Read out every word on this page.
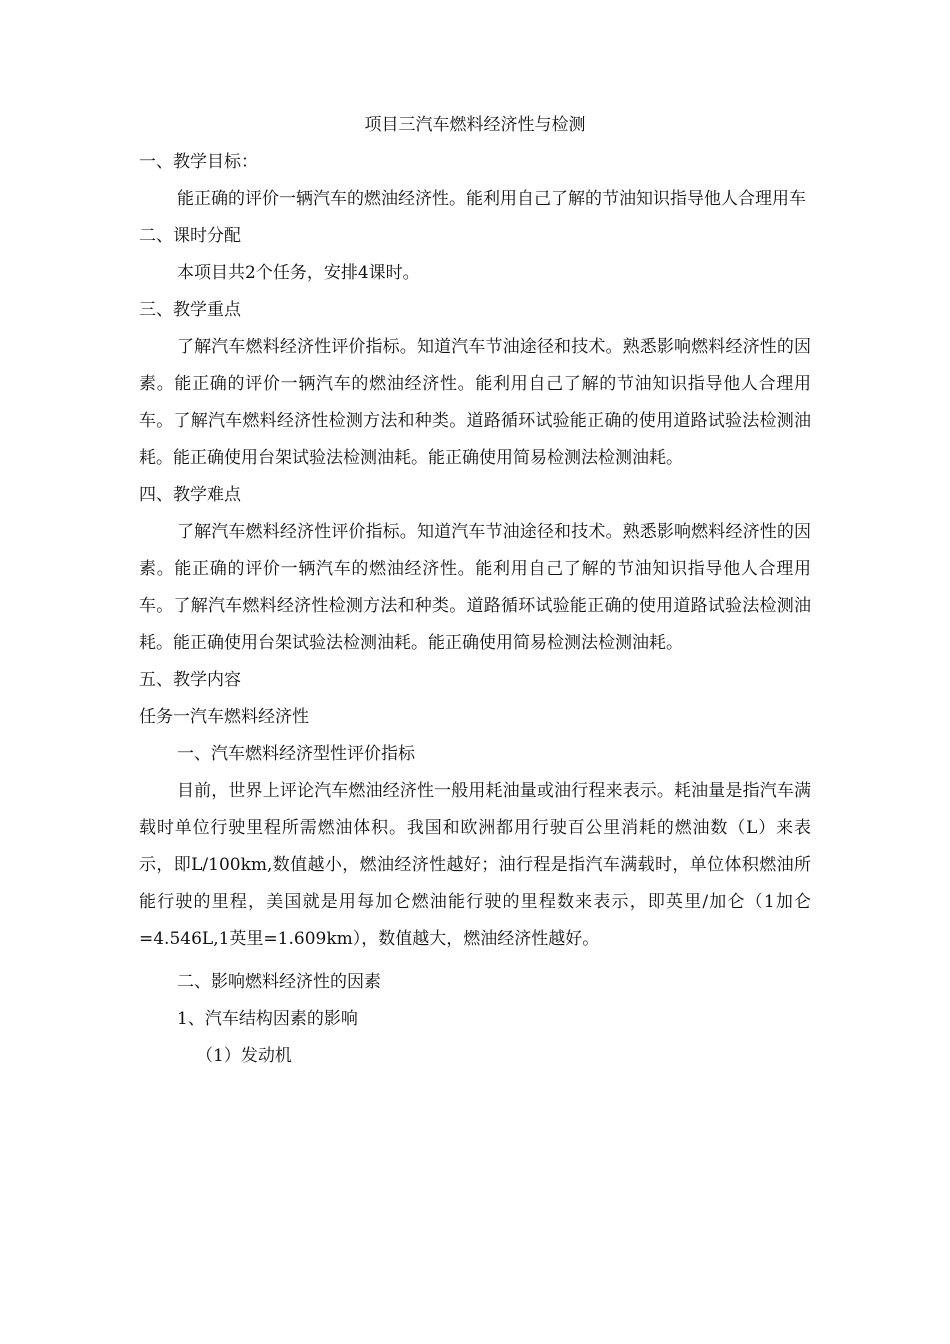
项目三汽车燃料经济性与检测

一、教学目标：

能正确的评价一辆汽车的燃油经济性。能利用自己了解的节油知识指导他人合理用车

二、课时分配

本项目共2个任务，安排4课时。

三、教学重点

了解汽车燃料经济性评价指标。知道汽车节油途径和技术。熟悉影响燃料经济性的因素。能正确的评价一辆汽车的燃油经济性。能利用自己了解的节油知识指导他人合理用车。了解汽车燃料经济性检测方法和种类。道路循环试验能正确的使用道路试验法检测油耗。能正确使用台架试验法检测油耗。能正确使用简易检测法检测油耗。

四、教学难点

了解汽车燃料经济性评价指标。知道汽车节油途径和技术。熟悉影响燃料经济性的因素。能正确的评价一辆汽车的燃油经济性。能利用自己了解的节油知识指导他人合理用车。了解汽车燃料经济性检测方法和种类。道路循环试验能正确的使用道路试验法检测油耗。能正确使用台架试验法检测油耗。能正确使用简易检测法检测油耗。

五、教学内容

任务一汽车燃料经济性

一、汽车燃料经济型性评价指标

目前，世界上评论汽车燃油经济性一般用耗油量或油行程来表示。耗油量是指汽车满载时单位行驶里程所需燃油体积。我国和欧洲都用行驶百公里消耗的燃油数（L）来表示，即L/100km,数值越小，燃油经济性越好；油行程是指汽车满载时，单位体积燃油所能行驶的里程，美国就是用每加仑燃油能行驶的里程数来表示，即英里/加仑（1加仑=4.546L,1英里=1.609km），数值越大，燃油经济性越好。

二、影响燃料经济性的因素

1、汽车结构因素的影响

（1）发动机
